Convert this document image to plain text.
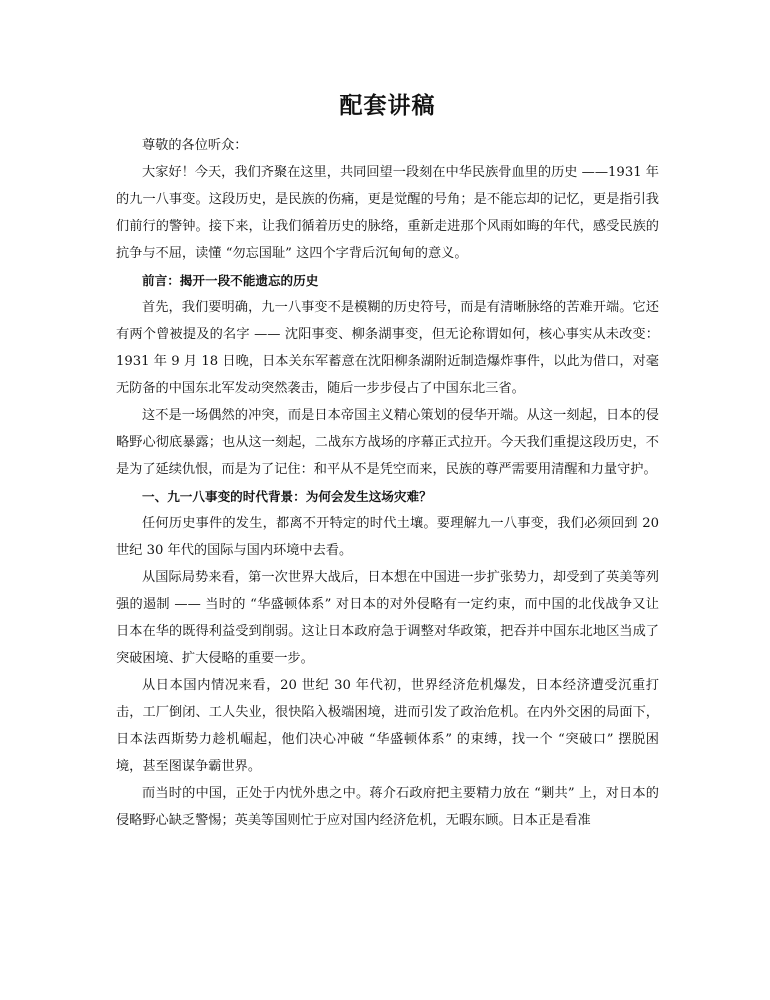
配套讲稿

尊敬的各位听众：

大家好！今天，我们齐聚在这里，共同回望一段刻在中华民族骨血里的历史 ——1931 年的九一八事变。这段历史，是民族的伤痛，更是觉醒的号角；是不能忘却的记忆，更是指引我们前行的警钟。接下来，让我们循着历史的脉络，重新走进那个风雨如晦的年代，感受民族的抗争与不屈，读懂 “勿忘国耻” 这四个字背后沉甸甸的意义。

前言：揭开一段不能遗忘的历史

首先，我们要明确，九一八事变不是模糊的历史符号，而是有清晰脉络的苦难开端。它还有两个曾被提及的名字 —— 沈阳事变、柳条湖事变，但无论称谓如何，核心事实从未改变：1931 年 9 月 18 日晚，日本关东军蓄意在沈阳柳条湖附近制造爆炸事件，以此为借口，对毫无防备的中国东北军发动突然袭击，随后一步步侵占了中国东北三省。

这不是一场偶然的冲突，而是日本帝国主义精心策划的侵华开端。从这一刻起，日本的侵略野心彻底暴露；也从这一刻起，二战东方战场的序幕正式拉开。今天我们重提这段历史，不是为了延续仇恨，而是为了记住：和平从不是凭空而来，民族的尊严需要用清醒和力量守护。

一、九一八事变的时代背景：为何会发生这场灾难？

任何历史事件的发生，都离不开特定的时代土壤。要理解九一八事变，我们必须回到 20 世纪 30 年代的国际与国内环境中去看。

从国际局势来看，第一次世界大战后，日本想在中国进一步扩张势力，却受到了英美等列强的遏制 —— 当时的 “华盛顿体系” 对日本的对外侵略有一定约束，而中国的北伐战争又让日本在华的既得利益受到削弱。这让日本政府急于调整对华政策，把吞并中国东北地区当成了突破困境、扩大侵略的重要一步。

从日本国内情况来看，20 世纪 30 年代初，世界经济危机爆发，日本经济遭受沉重打击，工厂倒闭、工人失业，很快陷入极端困境，进而引发了政治危机。在内外交困的局面下，日本法西斯势力趁机崛起，他们决心冲破 “华盛顿体系” 的束缚，找一个 “突破口” 摆脱困境，甚至图谋争霸世界。

而当时的中国，正处于内忧外患之中。蒋介石政府把主要精力放在 “剿共” 上，对日本的侵略野心缺乏警惕；英美等国则忙于应对国内经济危机，无暇东顾。日本正是看准
